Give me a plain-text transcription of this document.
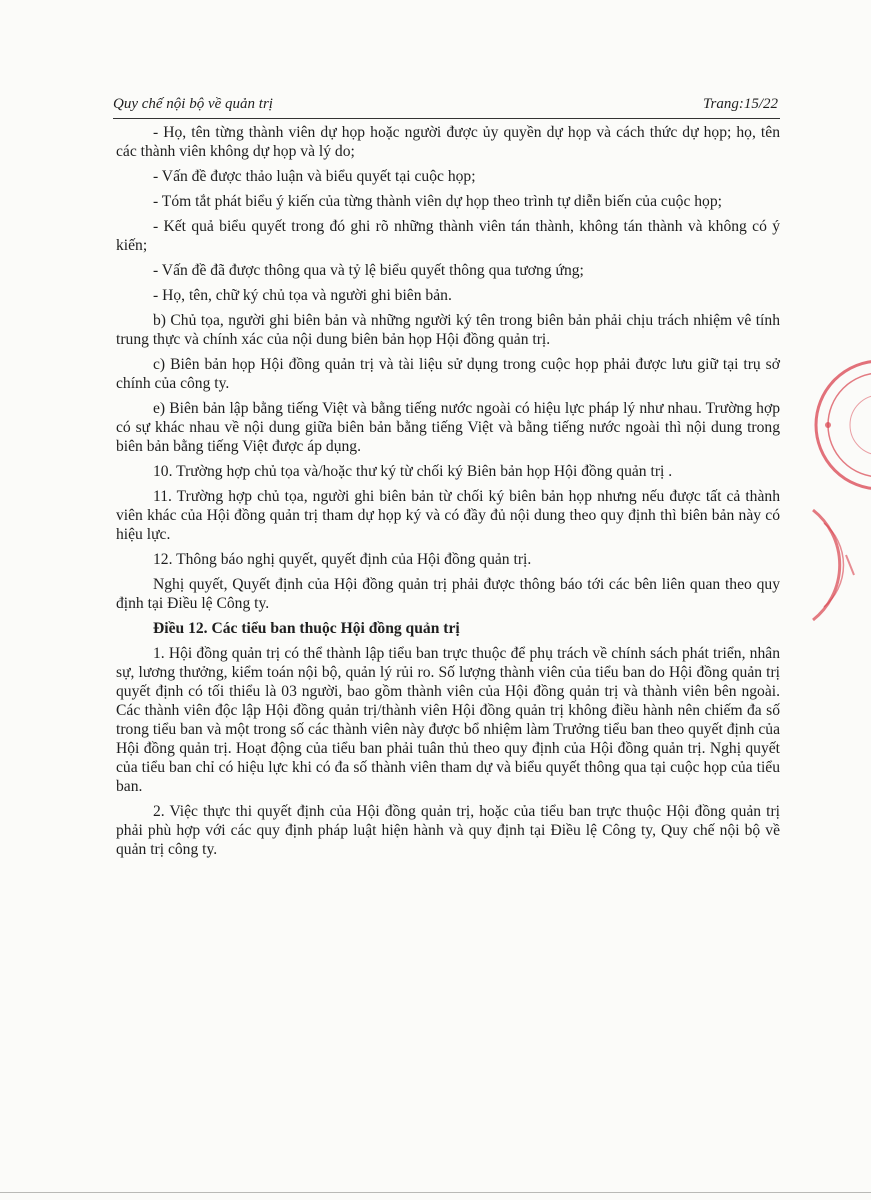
Quy chế nội bộ về quản trị	Trang:15/22

- Họ, tên từng thành viên dự họp hoặc người được ủy quyền dự họp và cách thức dự họp; họ, tên các thành viên không dự họp và lý do;

- Vấn đề được thảo luận và biểu quyết tại cuộc họp;

- Tóm tắt phát biểu ý kiến của từng thành viên dự họp theo trình tự diễn biến của cuộc họp;

- Kết quả biểu quyết trong đó ghi rõ những thành viên tán thành, không tán thành và không có ý kiến;

- Vấn đề đã được thông qua và tỷ lệ biểu quyết thông qua tương ứng;

- Họ, tên, chữ ký chủ tọa và người ghi biên bản.

b) Chủ tọa, người ghi biên bản và những người ký tên trong biên bản phải chịu trách nhiệm vê tính trung thực và chính xác của nội dung biên bản họp Hội đồng quản trị.

c) Biên bản họp Hội đồng quản trị và tài liệu sử dụng trong cuộc họp phải được lưu giữ tại trụ sở chính của công ty.

e) Biên bản lập bằng tiếng Việt và bằng tiếng nước ngoài có hiệu lực pháp lý như nhau. Trường hợp có sự khác nhau về nội dung giữa biên bản bằng tiếng Việt và bằng tiếng nước ngoài thì nội dung trong biên bản bằng tiếng Việt được áp dụng.

10. Trường hợp chủ tọa và/hoặc thư ký từ chối ký Biên bản họp Hội đồng quản trị .

11. Trường hợp chủ tọa, người ghi biên bản từ chối ký biên bản họp nhưng nếu được tất cả thành viên khác của Hội đồng quản trị tham dự họp ký và có đầy đủ nội dung theo quy định thì biên bản này có hiệu lực.

12. Thông báo nghị quyết, quyết định của Hội đồng quản trị.

Nghị quyết, Quyết định của Hội đồng quản trị phải được thông báo tới các bên liên quan theo quy định tại Điều lệ Công ty.

Điều 12. Các tiểu ban thuộc Hội đồng quản trị

1. Hội đồng quản trị có thể thành lập tiểu ban trực thuộc để phụ trách về chính sách phát triển, nhân sự, lương thưởng, kiểm toán nội bộ, quản lý rủi ro. Số lượng thành viên của tiểu ban do Hội đồng quản trị quyết định có tối thiểu là 03 người, bao gồm thành viên của Hội đồng quản trị và thành viên bên ngoài. Các thành viên độc lập Hội đồng quản trị/thành viên Hội đồng quản trị không điều hành nên chiếm đa số trong tiểu ban và một trong số các thành viên này được bổ nhiệm làm Trưởng tiểu ban theo quyết định của Hội đồng quản trị. Hoạt động của tiểu ban phải tuân thủ theo quy định của Hội đồng quản trị. Nghị quyết của tiểu ban chỉ có hiệu lực khi có đa số thành viên tham dự và biểu quyết thông qua tại cuộc họp của tiểu ban.

2. Việc thực thi quyết định của Hội đồng quản trị, hoặc của tiểu ban trực thuộc Hội đồng quản trị phải phù hợp với các quy định pháp luật hiện hành và quy định tại Điều lệ Công ty, Quy chế nội bộ về quản trị công ty.
